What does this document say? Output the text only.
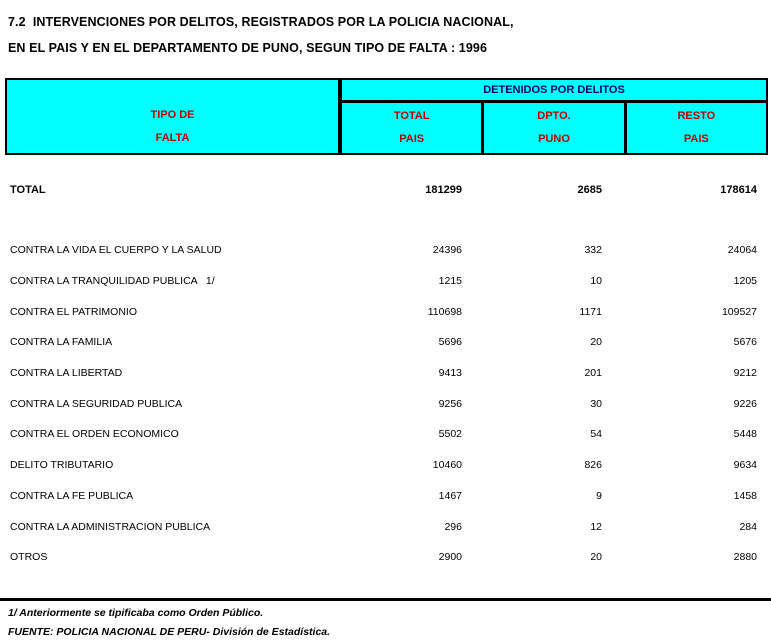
7.2  INTERVENCIONES POR DELITOS, REGISTRADOS POR LA POLICIA NACIONAL,
EN EL PAIS Y EN EL DEPARTAMENTO DE PUNO, SEGUN TIPO DE FALTA : 1996
TIPO DE
FALTA
DETENIDOS POR DELITOS
TOTAL
PAIS
DPTO.
PUNO
RESTO
PAIS
TOTAL	181299	2685	178614
CONTRA LA VIDA EL CUERPO Y LA SALUD	24396	332	24064
CONTRA LA TRANQUILIDAD PUBLICA   1/	1215	10	1205
CONTRA EL PATRIMONIO	110698	1171	109527
CONTRA LA FAMILIA	5696	20	5676
CONTRA LA LIBERTAD	9413	201	9212
CONTRA LA SEGURIDAD PUBLICA	9256	30	9226
CONTRA EL ORDEN ECONOMICO	5502	54	5448
DELITO TRIBUTARIO	10460	826	9634
CONTRA LA FE PUBLICA	1467	9	1458
CONTRA LA ADMINISTRACION PUBLICA	296	12	284
OTROS	2900	20	2880
1/ Anteriormente se tipificaba como Orden Público.
FUENTE: POLICIA NACIONAL DE PERU- División de Estadística.
